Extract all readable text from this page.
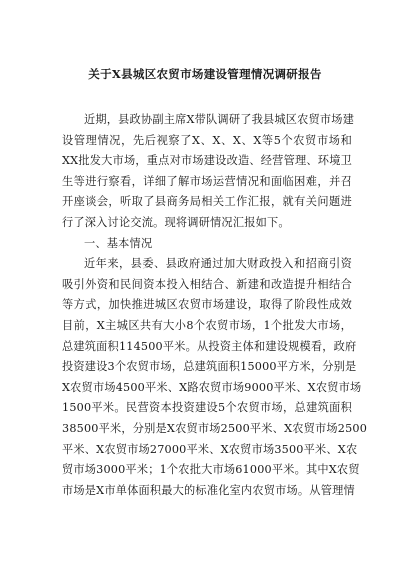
关于X县城区农贸市场建设管理情况调研报告
近期，县政协副主席X带队调研了我县城区农贸市场建
设管理情况，先后视察了X、X、X、X等5个农贸市场和
XX批发大市场，重点对市场建设改造、经营管理、环境卫
生等进行察看，详细了解市场运营情况和面临困难，并召
开座谈会，听取了县商务局相关工作汇报，就有关问题进
行了深入讨论交流。现将调研情况汇报如下。
一、基本情况
近年来，县委、县政府通过加大财政投入和招商引资
吸引外资和民间资本投入相结合、新建和改造提升相结合
等方式，加快推进城区农贸市场建设，取得了阶段性成效
目前，X主城区共有大小8个农贸市场，1个批发大市场，
总建筑面积114500平米。从投资主体和建设规模看，政府
投资建设3个农贸市场，总建筑面积15000平方米，分别是
X农贸市场4500平米、X路农贸市场9000平米、X农贸市场
1500平米。民营资本投资建设5个农贸市场，总建筑面积
38500平米，分别是X农贸市场2500平米、X农贸市场2500
平米、X农贸市场27000平米、X农贸市场3500平米、X农
贸市场3000平米；1个农批大市场61000平米。其中X农贸
市场是X市单体面积最大的标准化室内农贸市场。从管理情
